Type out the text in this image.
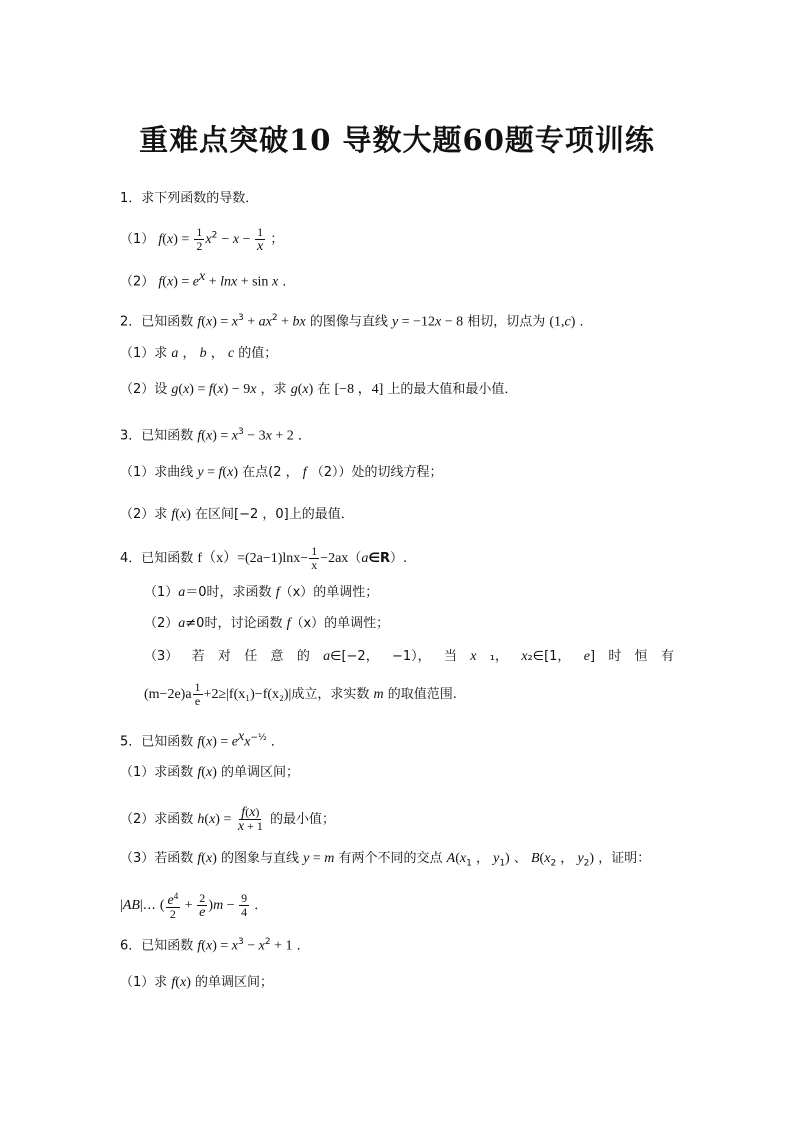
重难点突破10 导数大题60题专项训练
1．求下列函数的导数．
（1） $f(x) = \frac{1}{2} x^2 - x - \frac{1}{x}$ ；
（2） $f(x) = e^x + \ln x + \sin x$ ．
2．已知函数 $f(x) = x^3 + ax^2$ + bx 的图像与直线 y = −12x − 8 相切，切点为 (1,c) ．
（1）求 a ， b ， c 的值；
（2）设 g(x) = f(x) − 9x ，求 g(x) 在 [−8 ，4] 上的最大值和最小值．
3．已知函数 $f(x) = x^3 - 3x + 2$ ．
（1）求曲线 y = f(x) 在点(2 ， f （2））处的切线方程；
（2）求 f(x) 在区间[−2 ，0]上的最值．
4．已知函数 $f(x)=(2a-1)\ln x- \frac{1}{x}$ −2ax（a∈R）.
（1）a＝0时，求函数 f（x）的单调性；
（2）a≠0时，讨论函数 f（x）的单调性；
（3） 若 对 任 意 的 a∈[−2， −1）， 当 x ₁， x₂∈[1， e] 时 恒 有
$(m-2e)a \frac{1}{e} +2\ge|f(x_1)-f(x_2)|$成立，求实数 m 的取值范围.
5．已知函数 $f(x) = e^xx^{-\frac{1}{2}}$ ．
（1）求函数 f(x) 的单调区间；
（2）求函数 $h(x) = \frac{f(x)}{x + 1}$ 的最小值；
（3）若函数 f(x) 的图象与直线 y = m 有两个不同的交点 $A(x_1$ ， $y_1$) 、 $B(x_2$ ， $y_2$) ，证明：
|AB|… ( $\frac{e^4}{2} + \frac{2}{e} )m - \frac{9}{4}$ ．
6．已知函数 $f(x) = x^3 - x^2 + 1$ ．
（1）求 f(x) 的单调区间；
